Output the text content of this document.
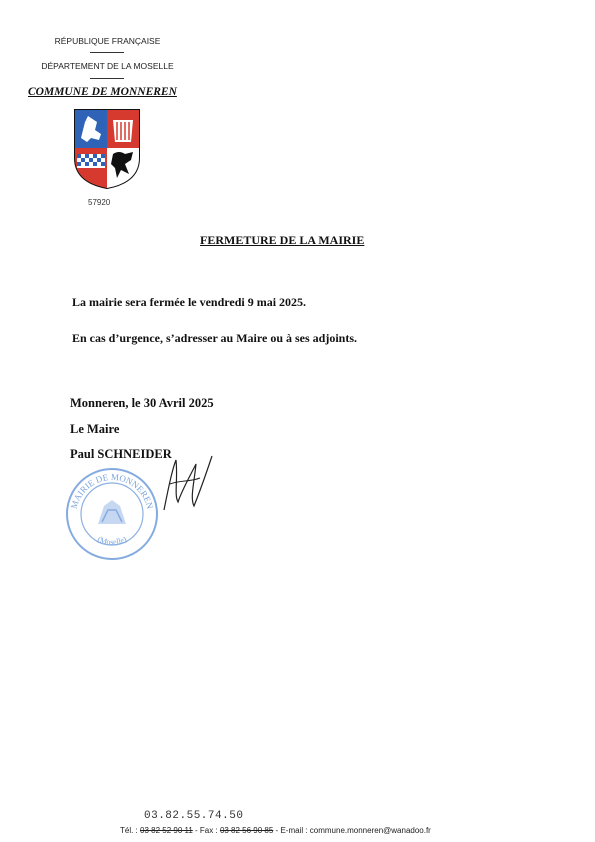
RÉPUBLIQUE FRANÇAISE
DÉPARTEMENT DE LA MOSELLE
COMMUNE DE MONNEREN
57920
FERMETURE DE LA MAIRIE
La mairie sera fermée le vendredi 9 mai 2025.
En cas d’urgence, s’adresser au Maire ou à ses adjoints.
Monneren, le 30 Avril 2025
Le Maire
Paul SCHNEIDER
MAIRIE DE MONNEREN
(Moselle)
03.82.55.74.50
Tél. : 03 82 52 90 11 - Fax : 03 82 56 90 85 - E-mail : commune.monneren@wanadoo.fr
